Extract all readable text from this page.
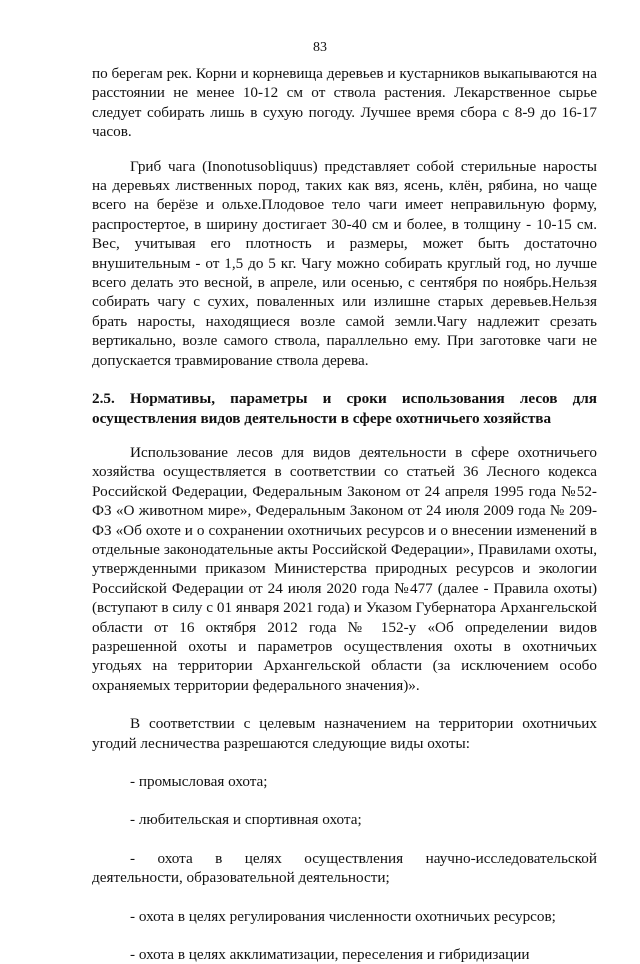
83

по берегам рек. Корни и корневища деревьев и кустарников выкапываются на расстоянии не менее 10-12 см от ствола растения. Лекарственное сырье следует собирать лишь в сухую погоду. Лучшее время сбора с 8-9 до 16-17 часов.

Гриб чага (Inonotusobliquus) представляет собой стерильные наросты на деревьях лиственных пород, таких как вяз, ясень, клён, рябина, но чаще всего на берёзе и ольхе.Плодовое тело чаги имеет неправильную форму, распростертое, в ширину достигает 30-40 см и более, в толщину - 10-15 см. Вес, учитывая его плотность и размеры, может быть достаточно внушительным - от 1,5 до 5 кг. Чагу можно собирать круглый год, но лучше всего делать это весной, в апреле, или осенью, с сентября по ноябрь.Нельзя собирать чагу с сухих, поваленных или излишне старых деревьев.Нельзя брать наросты, находящиеся возле самой земли.Чагу надлежит срезать вертикально, возле самого ствола, параллельно ему. При заготовке чаги не допускается травмирование ствола дерева.

2.5. Нормативы, параметры и сроки использования лесов для осуществления видов деятельности в сфере охотничьего хозяйства

Использование лесов для видов деятельности в сфере охотничьего хозяйства осуществляется в соответствии со статьей 36 Лесного кодекса Российской Федерации, Федеральным Законом от 24 апреля 1995 года №52-ФЗ «О животном мире», Федеральным Законом от 24 июля 2009 года № 209-ФЗ «Об охоте и о сохранении охотничьих ресурсов и о внесении изменений в отдельные законодательные акты Российской Федерации», Правилами охоты, утвержденными приказом Министерства природных ресурсов и экологии Российской Федерации от 24 июля 2020 года №477 (далее - Правила охоты) (вступают в силу с 01 января 2021 года) и Указом Губернатора Архангельской области от 16 октября 2012 года № 152-у «Об определении видов разрешенной охоты и параметров осуществления охоты в охотничьих угодьях на территории Архангельской области (за исключением особо охраняемых территории федерального значения)».

В соответствии с целевым назначением на территории охотничьих угодий лесничества разрешаются следующие виды охоты:

- промысловая охота;

- любительская и спортивная охота;

- охота в целях осуществления научно-исследовательской деятельности, образовательной деятельности;

- охота в целях регулирования численности охотничьих ресурсов;

- охота в целях акклиматизации, переселения и гибридизации
